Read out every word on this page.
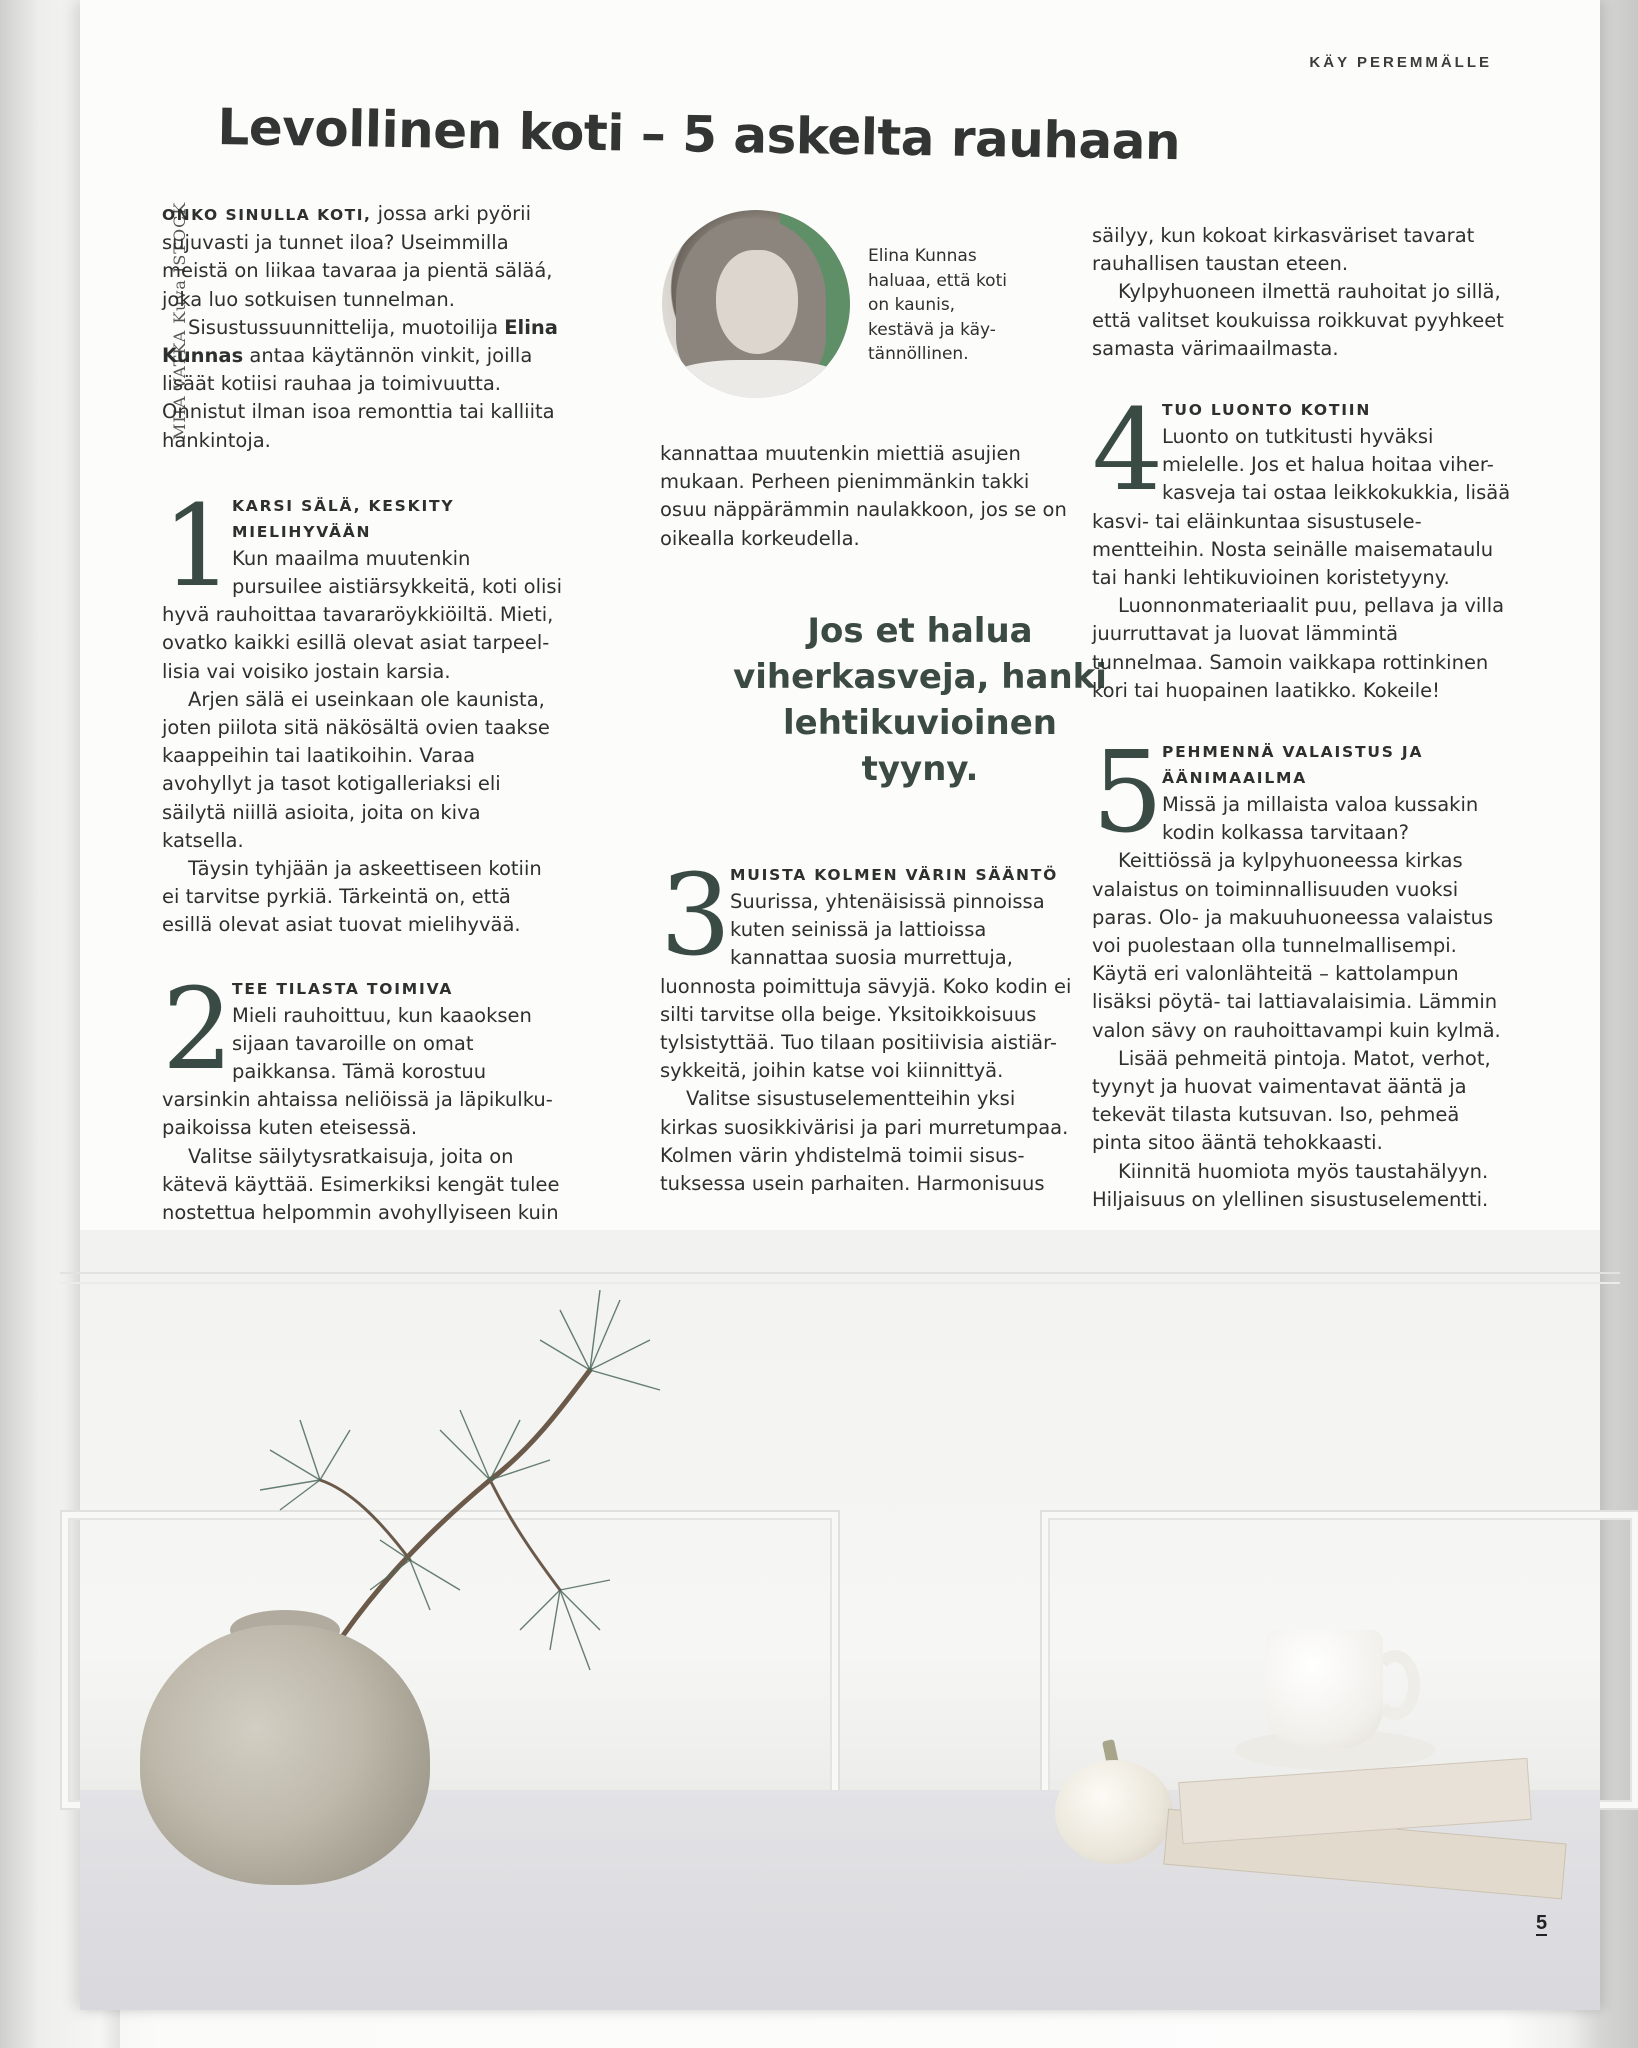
KÄY PEREMMÄLLE
Levollinen koti – 5 askelta rauhaan
MIIA VATKA Kuva ISTOCK

ONKO SINULLA KOTI, jossa arki pyörii sujuvasti ja tunnet iloa? Useimmilla meistä on liikaa tavaraa ja pientä säläá, joka luo sotkuisen tunnelman.

Sisustussuunnittelija, muotoilija Elina Kunnas antaa käytännön vinkit, joilla lisäät kotiisi rauhaa ja toimivuutta. Onnistut ilman isoa remonttia tai kalliita hankintoja.

1
KARSI SÄLÄ, KESKITY MIELIHYVÄÄN

Kun maailma muutenkin pursuilee aistiärsykkeitä, koti olisi hyvä rauhoittaa tavararöykkiöiltä. Mieti, ovatko kaikki esillä olevat asiat tarpeel-lisia vai voisiko jostain karsia.

Arjen sälä ei useinkaan ole kaunista, joten piilota sitä näkösältä ovien taakse kaappeihin tai laatikoihin. Varaa avohyllyt ja tasot kotigalleriaksi eli säilytä niillä asioita, joita on kiva katsella.

Täysin tyhjään ja askeettiseen kotiin ei tarvitse pyrkiä. Tärkeintä on, että esillä olevat asiat tuovat mielihyvää.

2
TEE TILASTA TOIMIVA

Mieli rauhoittuu, kun kaaoksen sijaan tavaroille on omat paikkansa. Tämä korostuu varsinkin ahtaissa neliöissä ja läpikulku-paikoissa kuten eteisessä.

Valitse säilytysratkaisuja, joita on kätevä käyttää. Esimerkiksi kengät tulee nostettua helpommin avohyllyiseen kuin

Elina Kunnas haluaa, että koti on kaunis, kestävä ja käy-tännöllinen.

kannattaa muutenkin miettiä asujien mukaan. Perheen pienimmänkin takki osuu näppärämmin naulakkoon, jos se on oikealla korkeudella.

Jos et halua viherkasveja, hanki lehtikuvioinen tyyny.
3
MUISTA KOLMEN VÄRIN SÄÄNTÖ

Suurissa, yhtenäisissä pinnoissa kuten seinissä ja lattioissa kannattaa suosia murrettuja, luonnosta poimittuja sävyjä. Koko kodin ei silti tarvitse olla beige. Yksitoikkoisuus tylsistyttää. Tuo tilaan positiivisia aistiär-sykkeitä, joihin katse voi kiinnittyä.

Valitse sisustuselementteihin yksi kirkas suosikkivärisi ja pari murretumpaa. Kolmen värin yhdistelmä toimii sisus-tuksessa usein parhaiten. Harmonisuus

säilyy, kun kokoat kirkasväriset tavarat rauhallisen taustan eteen.

Kylpyhuoneen ilmettä rauhoitat jo sillä, että valitset koukuissa roikkuvat pyyhkeet samasta värimaailmasta.

4
TUO LUONTO KOTIIN

Luonto on tutkitusti hyväksi mielelle. Jos et halua hoitaa viher-kasveja tai ostaa leikkokukkia, lisää kasvi- tai eläinkuntaa sisustusele-mentteihin. Nosta seinälle maisemataulu tai hanki lehtikuvioinen koristetyyny.

Luonnonmateriaalit puu, pellava ja villa juurruttavat ja luovat lämmintä tunnelmaa. Samoin vaikkapa rottinkinen kori tai huopainen laatikko. Kokeile!

5
PEHMENNÄ VALAISTUS JA ÄÄNIMAAILMA

Missä ja millaista valoa kussakin kodin kolkassa tarvitaan?

Keittiössä ja kylpyhuoneessa kirkas valaistus on toiminnallisuuden vuoksi paras. Olo- ja makuuhuoneessa valaistus voi puolestaan olla tunnelmallisempi. Käytä eri valonlähteitä – kattolampun lisäksi pöytä- tai lattiavalaisimia. Lämmin valon sävy on rauhoittavampi kuin kylmä.

Lisää pehmeitä pintoja. Matot, verhot, tyynyt ja huovat vaimentavat ääntä ja tekevät tilasta kutsuvan. Iso, pehmeä pinta sitoo ääntä tehokkaasti.

Kiinnitä huomiota myös taustahälyyn. Hiljaisuus on ylellinen sisustuselementti.

5
